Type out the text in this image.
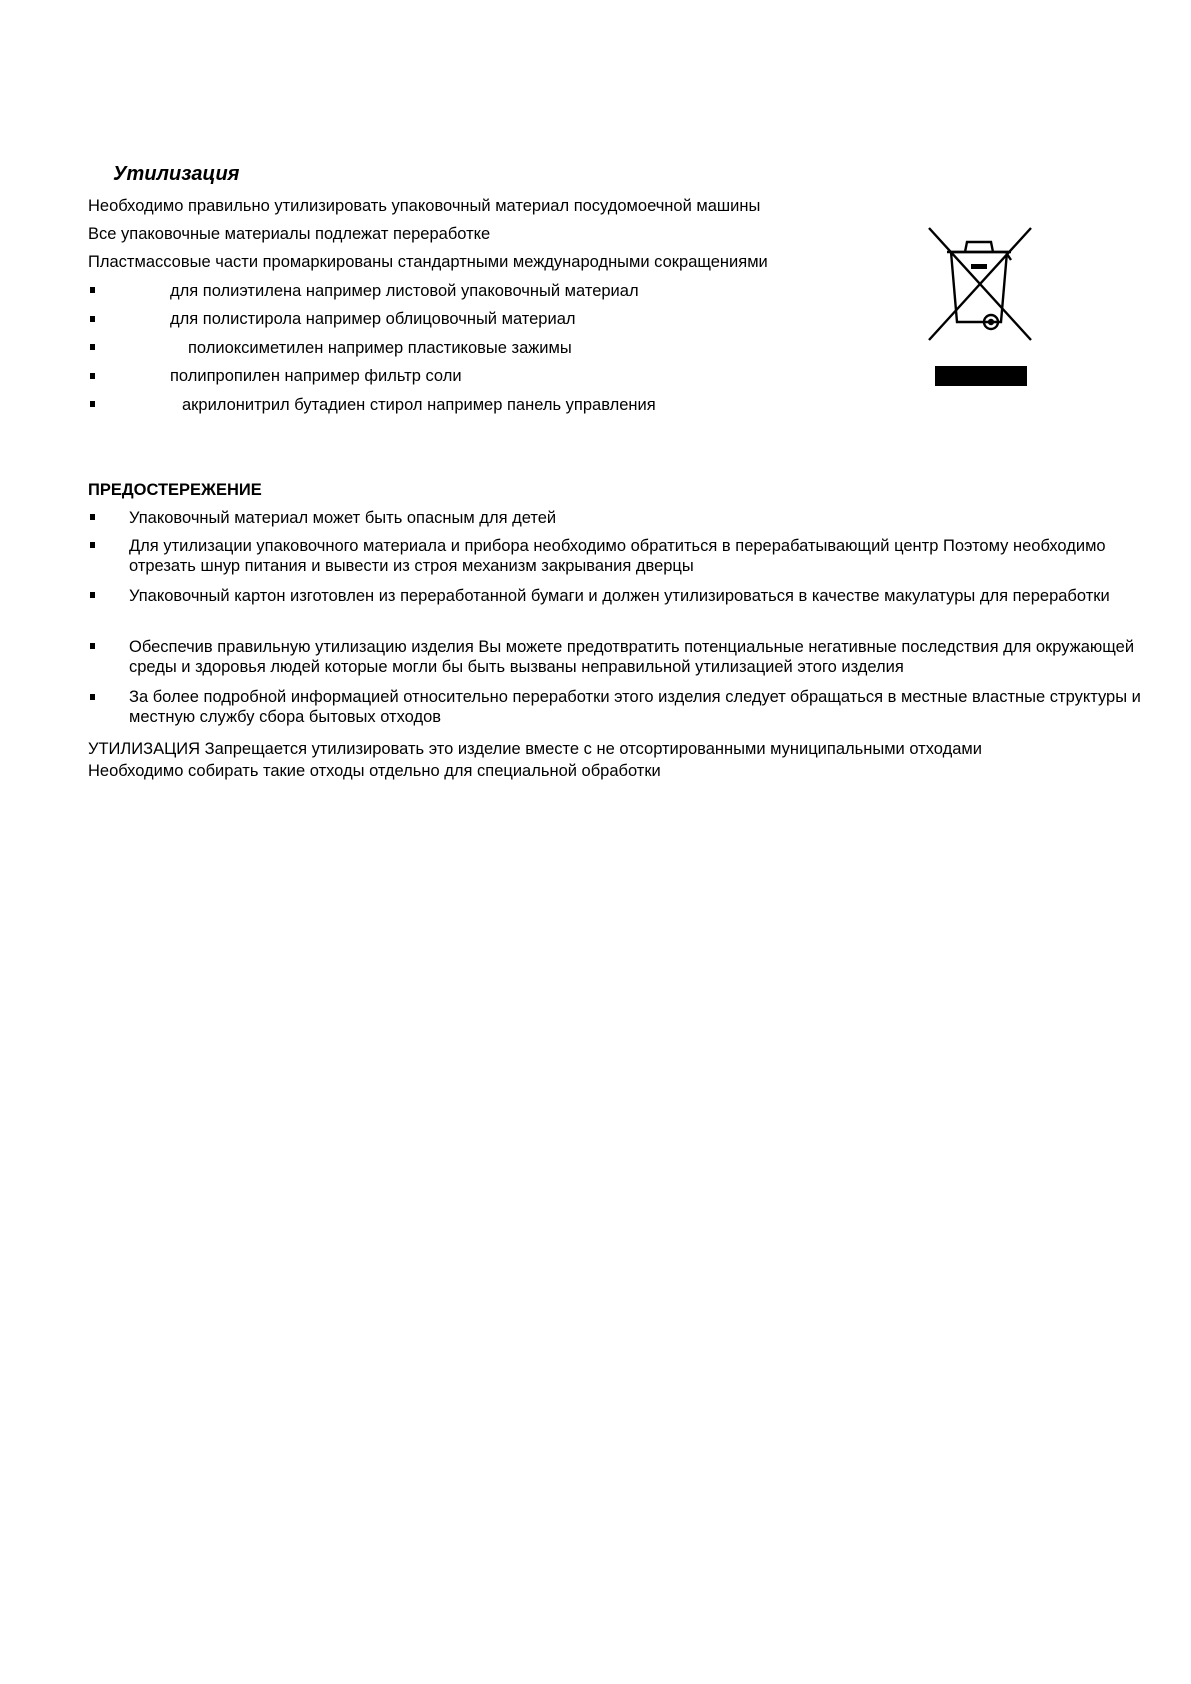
Утилизация
Необходимо правильно утилизировать упаковочный материал посудомоечной машины
Все упаковочные материалы подлежат переработке
Пластмассовые части промаркированы стандартными международными сокращениями
для полиэтилена например листовой упаковочный материал
для полистирола например облицовочный материал
полиоксиметилен например пластиковые зажимы
полипропилен например фильтр соли
акрилонитрил бутадиен стирол например панель управления
ПРЕДОСТЕРЕЖЕНИЕ
Упаковочный материал может быть опасным для детей
Для утилизации упаковочного материала и прибора необходимо обратиться в перерабатывающий центр Поэтому необходимо отрезать шнур питания и вывести из строя механизм закрывания дверцы
Упаковочный картон изготовлен из переработанной бумаги и должен утилизироваться в качестве макулатуры для переработки
Обеспечив правильную утилизацию изделия Вы можете предотвратить потенциальные негативные последствия для окружающей среды и здоровья людей которые могли бы быть вызваны неправильной утилизацией этого изделия
За более подробной информацией относительно переработки этого изделия следует обращаться в местные властные структуры и местную службу сбора бытовых отходов
УТИЛИЗАЦИЯ Запрещается утилизировать это изделие вместе с не отсортированными муниципальными отходами
Необходимо собирать такие отходы отдельно для специальной обработки
